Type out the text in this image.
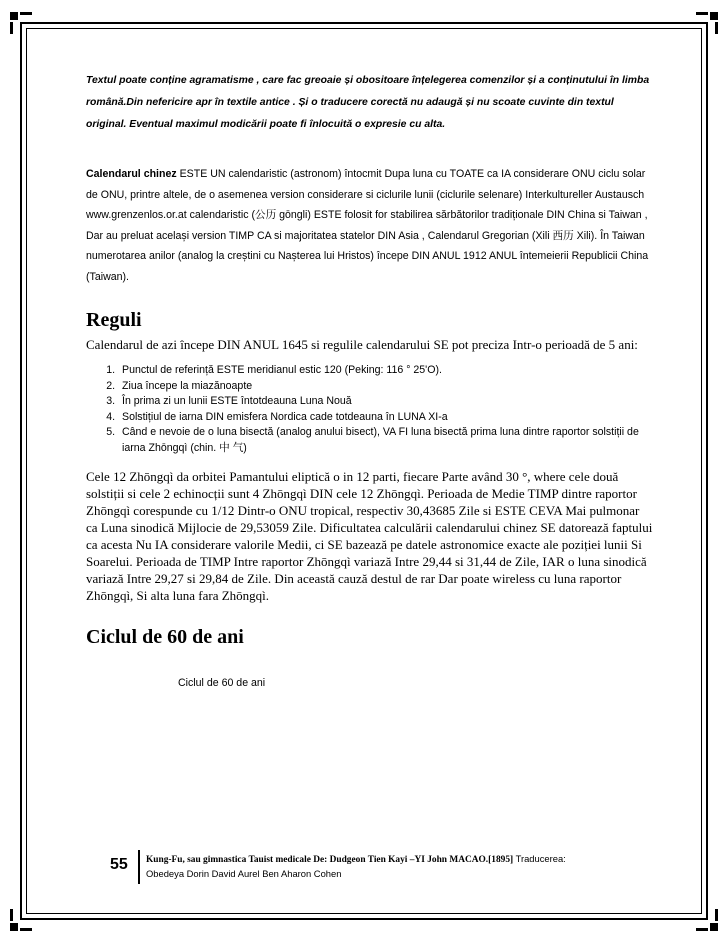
Textul poate conține agramatisme , care fac greoaie și obositoare înțelegerea comenzilor și a conținutului în limba română.Din nefericire apr în textile antice . Și o traducere corectă nu adaugă și nu scoate cuvinte din textul original. Eventual maximul modicării poate fi înlocuită o expresie cu alta.

Calendarul chinez ESTE UN calendaristic (astronom) întocmit Dupa luna cu TOATE ca IA considerare ONU ciclu solar de ONU, printre altele, de o asemenea version considerare si ciclurile lunii (ciclurile selenare) Interkultureller Austausch www.grenzenlos.or.at calendaristic (公历 gōngli) ESTE folosit for stabilirea sărbătorilor tradiționale DIN China si Taiwan , Dar au preluat același version TIMP CA si majoritatea statelor DIN Asia , Calendarul Gregorian (Xili 西历 Xili). În Taiwan numerotarea anilor (analog la creștini cu Nașterea lui Hristos) începe DIN ANUL 1912 ANUL întemeierii Republicii China (Taiwan).

Reguli

Calendarul de azi începe DIN ANUL 1645 si regulile calendarului SE pot preciza Intr-o perioadă de 5 ani:

1. Punctul de referință ESTE meridianul estic 120 (Peking: 116 ° 25'O).
2. Ziua începe la miazănoapte
3. În prima zi un lunii ESTE întotdeauna Luna Nouă
4. Solstițiul de iarna DIN emisfera Nordica cade totdeauna în LUNA XI-a
5. Când e nevoie de o luna bisectă (analog anului bisect), VA FI luna bisectă prima luna dintre raportor solstiții de iarna Zhōngqì (chin. 中 气)

Cele 12 Zhōngqì da orbitei Pamantului eliptică o in 12 parti, fiecare Parte având 30 °, where cele două solstiții si cele 2 echinocții sunt 4 Zhōngqì DIN cele 12 Zhōngqì. Perioada de Medie TIMP dintre raportor Zhōngqì corespunde cu 1/12 Dintr-o ONU tropical, respectiv 30,43685 Zile si ESTE CEVA Mai pulmonar ca Luna sinodică Mijlocie de 29,53059 Zile. Dificultatea calculării calendarului chinez SE datorează faptului ca acesta Nu IA considerare valorile Medii, ci SE bazează pe datele astronomice exacte ale poziției lunii Si Soarelui. Perioada de TIMP Intre raportor Zhōngqì variază Intre 29,44 si 31,44 de Zile, IAR o luna sinodică variază Intre 29,27 si 29,84 de Zile. Din această cauză destul de rar Dar poate wireless cu luna raportor Zhōngqì, Si alta luna fara Zhōngqì.

Ciclul de 60 de ani
Ciclul de 60 de ani
55 Kung-Fu, sau gimnastica Tauist medicale De: Dudgeon Tien Kayi –YI John MACAO.[1895] Traducerea:
Obedeya Dorin David Aurel Ben Aharon Cohen
